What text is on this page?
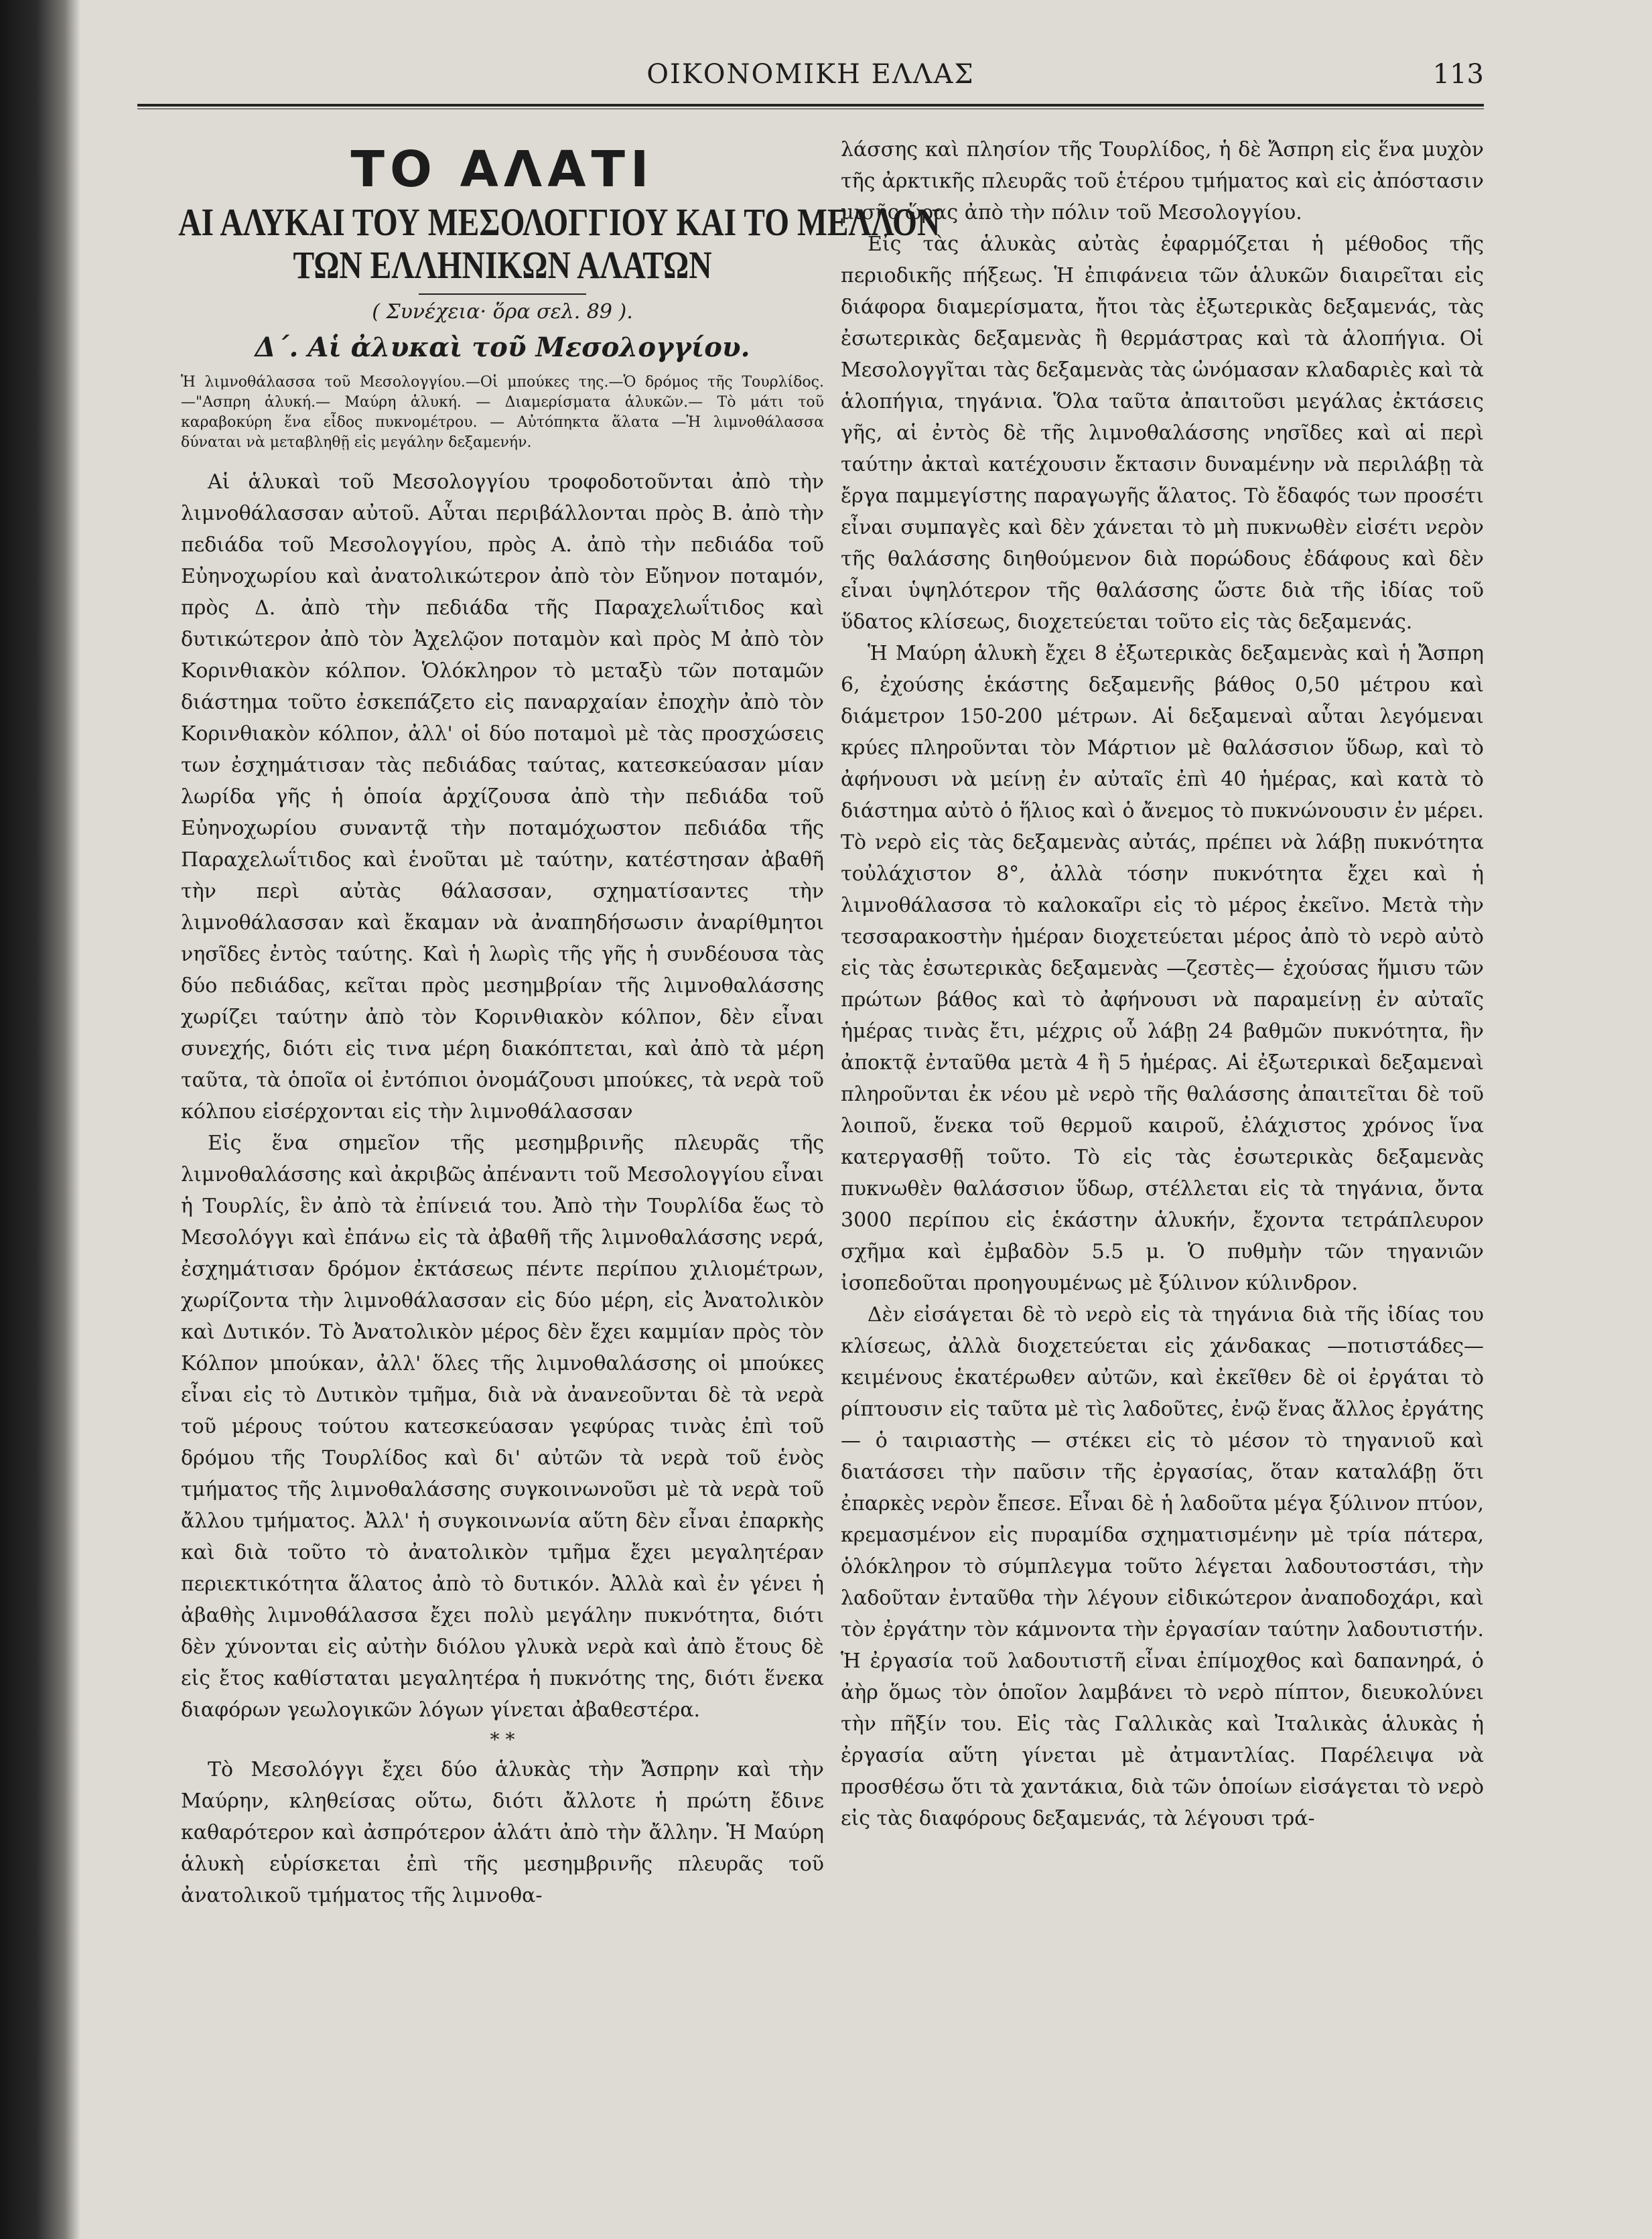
ΟΙΚΟΝΟΜΙΚΗ ΕΛΛΑΣ	113
ΤΟ ΑΛΑΤΙ
ΑΙ ΑΛΥΚΑΙ ΤΟΥ ΜΕΣΟΛΟΓΓΙΟΥ ΚΑΙ ΤΟ ΜΕΛΛΟΝ
ΤΩΝ ΕΛΛΗΝΙΚΩΝ ΑΛΑΤΩΝ
( Συνέχεια· ὅρα σελ. 89 ).
Δ΄. Αἱ ἀλυκαὶ τοῦ Μεσολογγίου.
Ἡ λιμνοθάλασσα τοῦ Μεσολογγίου.—Οἱ μπούκες της.—Ὁ δρόμος τῆς Τουρλίδος.—"Ασπρη ἁλυκή.— Μαύρη ἁλυκή. — Διαμερίσματα ἁλυκῶν.— Τὸ μάτι τοῦ καραβοκύρη ἕνα εἶδος πυκνομέτρου. — Αὐτόπηκτα ἅλατα —Ἡ λιμνοθάλασσα δύναται νὰ μεταβληθῇ εἰς μεγάλην δεξαμενήν.

Αἱ ἁλυκαὶ τοῦ Μεσολογγίου τροφοδοτοῦνται ἀπὸ τὴν λιμνοθάλασσαν αὐτοῦ. Αὗται περιβάλλονται πρὸς Β. ἀπὸ τὴν πεδιάδα τοῦ Μεσολογγίου, πρὸς Α. ἀπὸ τὴν πεδιάδα τοῦ Εὐηνοχωρίου καὶ ἀνατολικώτερον ἀπὸ τὸν Εὔηνον ποταμόν, πρὸς Δ. ἀπὸ τὴν πεδιάδα τῆς Παραχελωΐτιδος καὶ δυτικώτερον ἀπὸ τὸν Ἀχελῷον ποταμὸν καὶ πρὸς Μ ἀπὸ τὸν Κορινθιακὸν κόλπον. Ὁλόκληρον τὸ μεταξὺ τῶν ποταμῶν διάστημα τοῦτο ἐσκεπάζετο εἰς παναρχαίαν ἐποχὴν ἀπὸ τὸν Κορινθιακὸν κόλπον, ἀλλ' οἱ δύο ποταμοὶ μὲ τὰς προσχώσεις των ἐσχημάτισαν τὰς πεδιάδας ταύτας, κατεσκεύασαν μίαν λωρίδα γῆς ἡ ὁποία ἀρχίζουσα ἀπὸ τὴν πεδιάδα τοῦ Εὐηνοχωρίου συναντᾷ τὴν ποταμόχωστον πεδιάδα τῆς Παραχελωΐτιδος καὶ ἑνοῦται μὲ ταύτην, κατέστησαν ἀβαθῆ τὴν περὶ αὐτὰς θάλασσαν, σχηματίσαντες τὴν λιμνοθάλασσαν καὶ ἔκαμαν νὰ ἀναπηδήσωσιν ἀναρίθμητοι νησῖδες ἐντὸς ταύτης. Καὶ ἡ λωρὶς τῆς γῆς ἡ συνδέουσα τὰς δύο πεδιάδας, κεῖται πρὸς μεσημβρίαν τῆς λιμνοθαλάσσης χωρίζει ταύτην ἀπὸ τὸν Κορινθιακὸν κόλπον, δὲν εἶναι συνεχής, διότι εἰς τινα μέρη διακόπτεται, καὶ ἀπὸ τὰ μέρη ταῦτα, τὰ ὁποῖα οἱ ἐντόπιοι ὀνομάζουσι μπούκες, τὰ νερὰ τοῦ κόλπου εἰσέρχονται εἰς τὴν λιμνοθάλασσαν

Εἰς ἕνα σημεῖον τῆς μεσημβρινῆς πλευρᾶς τῆς λιμνοθαλάσσης καὶ ἀκριβῶς ἀπέναντι τοῦ Μεσολογγίου εἶναι ἡ Τουρλίς, ἓν ἀπὸ τὰ ἐπίνειά του. Ἀπὸ τὴν Τουρλίδα ἕως τὸ Μεσολόγγι καὶ ἐπάνω εἰς τὰ ἀβαθῆ τῆς λιμνοθαλάσσης νερά, ἐσχημάτισαν δρόμον ἐκτάσεως πέντε περίπου χιλιομέτρων, χωρίζοντα τὴν λιμνοθάλασσαν εἰς δύο μέρη, εἰς Ἀνατολικὸν καὶ Δυτικόν. Τὸ Ἀνατολικὸν μέρος δὲν ἔχει καμμίαν πρὸς τὸν Κόλπον μπούκαν, ἀλλ' ὅλες τῆς λιμνοθαλάσσης οἱ μπούκες εἶναι εἰς τὸ Δυτικὸν τμῆμα, διὰ νὰ ἀνανεοῦνται δὲ τὰ νερὰ τοῦ μέρους τούτου κατεσκεύασαν γεφύρας τινὰς ἐπὶ τοῦ δρόμου τῆς Τουρλίδος καὶ δι' αὐτῶν τὰ νερὰ τοῦ ἑνὸς τμήματος τῆς λιμνοθαλάσσης συγκοινωνοῦσι μὲ τὰ νερὰ τοῦ ἄλλου τμήματος. Ἀλλ' ἡ συγκοινωνία αὕτη δὲν εἶναι ἐπαρκὴς καὶ διὰ τοῦτο τὸ ἀνατολικὸν τμῆμα ἔχει μεγαλητέραν περιεκτικότητα ἅλατος ἀπὸ τὸ δυτικόν. Ἀλλὰ καὶ ἐν γένει ἡ ἀβαθὴς λιμνοθάλασσα ἔχει πολὺ μεγάλην πυκνότητα, διότι δὲν χύνονται εἰς αὐτὴν διόλου γλυκὰ νερὰ καὶ ἀπὸ ἔτους δὲ εἰς ἔτος καθίσταται μεγαλητέρα ἡ πυκνότης της, διότι ἕνεκα διαφόρων γεωλογικῶν λόγων γίνεται ἀβαθεστέρα.

* *

Τὸ Μεσολόγγι ἔχει δύο ἁλυκὰς τὴν Ἄσπρην καὶ τὴν Μαύρην, κληθείσας οὕτω, διότι ἄλλοτε ἡ πρώτη ἔδινε καθαρότερον καὶ ἀσπρότερον ἁλάτι ἀπὸ τὴν ἄλλην. Ἡ Μαύρη ἁλυκὴ εὑρίσκεται ἐπὶ τῆς μεσημβρινῆς πλευρᾶς τοῦ ἀνατολικοῦ τμήματος τῆς λιμνοθα-

λάσσης καὶ πλησίον τῆς Τουρλίδος, ἡ δὲ Ἄσπρη εἰς ἕνα μυχὸν τῆς ἀρκτικῆς πλευρᾶς τοῦ ἑτέρου τμήματος καὶ εἰς ἀπόστασιν μισῆς ὥρας ἀπὸ τὴν πόλιν τοῦ Μεσολογγίου.

Εἰς τὰς ἁλυκὰς αὐτὰς ἐφαρμόζεται ἡ μέθοδος τῆς περιοδικῆς πήξεως. Ἡ ἐπιφάνεια τῶν ἁλυκῶν διαιρεῖται εἰς διάφορα διαμερίσματα, ἤτοι τὰς ἐξωτερικὰς δεξαμενάς, τὰς ἐσωτερικὰς δεξαμενὰς ἢ θερμάστρας καὶ τὰ ἁλοπήγια. Οἱ Μεσολογγῖται τὰς δεξαμενὰς τὰς ὠνόμασαν κλαδαριὲς καὶ τὰ ἁλοπήγια, τηγάνια. Ὅλα ταῦτα ἀπαιτοῦσι μεγάλας ἐκτάσεις γῆς, αἱ ἐντὸς δὲ τῆς λιμνοθαλάσσης νησῖδες καὶ αἱ περὶ ταύτην ἀκταὶ κατέχουσιν ἔκτασιν δυναμένην νὰ περιλάβῃ τὰ ἔργα παμμεγίστης παραγωγῆς ἅλατος. Τὸ ἔδαφός των προσέτι εἶναι συμπαγὲς καὶ δὲν χάνεται τὸ μὴ πυκνωθὲν εἰσέτι νερὸν τῆς θαλάσσης διηθούμενον διὰ πορώδους ἐδάφους καὶ δὲν εἶναι ὑψηλότερον τῆς θαλάσσης ὥστε διὰ τῆς ἰδίας τοῦ ὕδατος κλίσεως, διοχετεύεται τοῦτο εἰς τὰς δεξαμενάς.

Ἡ Μαύρη ἁλυκὴ ἔχει 8 ἐξωτερικὰς δεξαμενὰς καὶ ἡ Ἄσπρη 6, ἐχούσης ἑκάστης δεξαμενῆς βάθος 0,50 μέτρου καὶ διάμετρον 150-200 μέτρων. Αἱ δεξαμεναὶ αὗται λεγόμεναι κρύες πληροῦνται τὸν Μάρτιον μὲ θαλάσσιον ὕδωρ, καὶ τὸ ἀφήνουσι νὰ μείνῃ ἐν αὐταῖς ἐπὶ 40 ἡμέρας, καὶ κατὰ τὸ διάστημα αὐτὸ ὁ ἥλιος καὶ ὁ ἄνεμος τὸ πυκνώνουσιν ἐν μέρει. Τὸ νερὸ εἰς τὰς δεξαμενὰς αὐτάς, πρέπει νὰ λάβῃ πυκνότητα τοὐλάχιστον 8°, ἀλλὰ τόσην πυκνότητα ἔχει καὶ ἡ λιμνοθάλασσα τὸ καλοκαῖρι εἰς τὸ μέρος ἐκεῖνο. Μετὰ τὴν τεσσαρακοστὴν ἡμέραν διοχετεύεται μέρος ἀπὸ τὸ νερὸ αὐτὸ εἰς τὰς ἐσωτερικὰς δεξαμενὰς —ζεστὲς— ἐχούσας ἥμισυ τῶν πρώτων βάθος καὶ τὸ ἀφήνουσι νὰ παραμείνῃ ἐν αὐταῖς ἡμέρας τινὰς ἔτι, μέχρις οὗ λάβῃ 24 βαθμῶν πυκνότητα, ἣν ἀποκτᾷ ἐνταῦθα μετὰ 4 ἢ 5 ἡμέρας. Αἱ ἐξωτερικαὶ δεξαμεναὶ πληροῦνται ἐκ νέου μὲ νερὸ τῆς θαλάσσης ἀπαιτεῖται δὲ τοῦ λοιποῦ, ἕνεκα τοῦ θερμοῦ καιροῦ, ἐλάχιστος χρόνος ἵνα κατεργασθῇ τοῦτο. Τὸ εἰς τὰς ἐσωτερικὰς δεξαμενὰς πυκνωθὲν θαλάσσιον ὕδωρ, στέλλεται εἰς τὰ τηγάνια, ὄντα 3000 περίπου εἰς ἑκάστην ἁλυκήν, ἔχοντα τετράπλευρον σχῆμα καὶ ἐμβαδὸν 5.5 μ. Ὁ πυθμὴν τῶν τηγανιῶν ἰσοπεδοῦται προηγουμένως μὲ ξύλινον κύλινδρον.

Δὲν εἰσάγεται δὲ τὸ νερὸ εἰς τὰ τηγάνια διὰ τῆς ἰδίας του κλίσεως, ἀλλὰ διοχετεύεται εἰς χάνδακας —ποτιστάδες— κειμένους ἑκατέρωθεν αὐτῶν, καὶ ἐκεῖθεν δὲ οἱ ἐργάται τὸ ρίπτουσιν εἰς ταῦτα μὲ τὶς λαδοῦτες, ἐνῷ ἕνας ἄλλος ἐργάτης — ὁ ταιριαστὴς — στέκει εἰς τὸ μέσον τὸ τηγανιοῦ καὶ διατάσσει τὴν παῦσιν τῆς ἐργασίας, ὅταν καταλάβῃ ὅτι ἐπαρκὲς νερὸν ἔπεσε. Εἶναι δὲ ἡ λαδοῦτα μέγα ξύλινον πτύον, κρεμασμένον εἰς πυραμίδα σχηματισμένην μὲ τρία πάτερα, ὁλόκληρον τὸ σύμπλεγμα τοῦτο λέγεται λαδουτοστάσι, τὴν λαδοῦταν ἐνταῦθα τὴν λέγουν εἰδικώτερον ἀναποδοχάρι, καὶ τὸν ἐργάτην τὸν κάμνοντα τὴν ἐργασίαν ταύτην λαδουτιστήν. Ἡ ἐργασία τοῦ λαδουτιστῆ εἶναι ἐπίμοχθος καὶ δαπανηρά, ὁ ἀὴρ ὅμως τὸν ὁποῖον λαμβάνει τὸ νερὸ πίπτον, διευκολύνει τὴν πῆξίν του. Εἰς τὰς Γαλλικὰς καὶ Ἰταλικὰς ἁλυκὰς ἡ ἐργασία αὕτη γίνεται μὲ ἀτμαντλίας. Παρέλειψα νὰ προσθέσω ὅτι τὰ χαντάκια, διὰ τῶν ὁποίων εἰσάγεται τὸ νερὸ εἰς τὰς διαφόρους δεξαμενάς, τὰ λέγουσι τρά-
